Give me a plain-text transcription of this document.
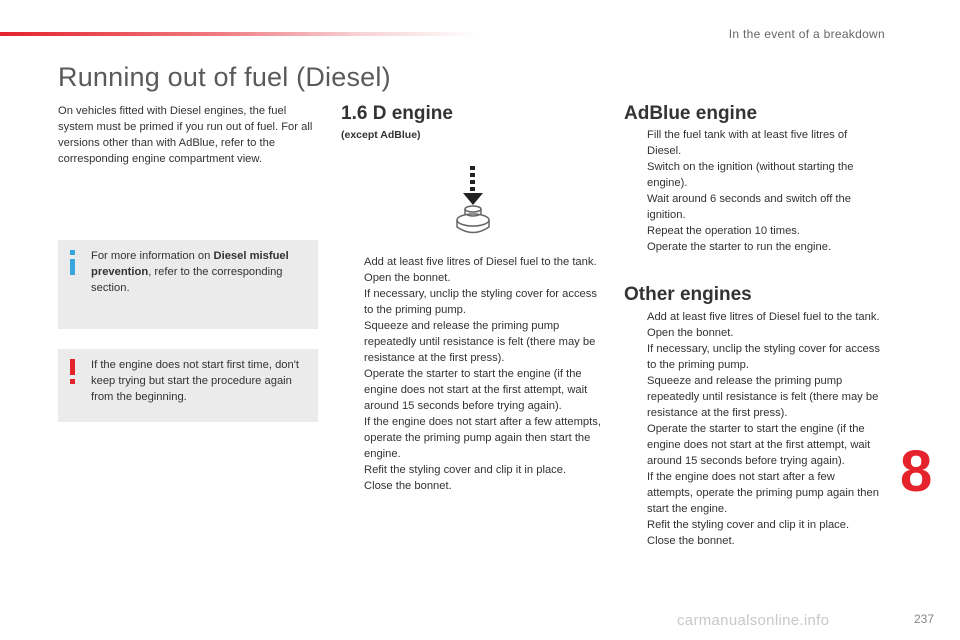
In the event of a breakdown
Running out of fuel (Diesel)
On vehicles fitted with Diesel engines, the fuel system must be primed if you run out of fuel. For all versions other than with AdBlue, refer to the corresponding engine compartment view.
For more information on Diesel misfuel prevention, refer to the corresponding section.
If the engine does not start first time, don't keep trying but start the procedure again from the beginning.
1.6 D engine
(except AdBlue)
Add at least five litres of Diesel fuel to the tank.
Open the bonnet.
If necessary, unclip the styling cover for access to the priming pump.
Squeeze and release the priming pump repeatedly until resistance is felt (there may be resistance at the first press).
Operate the starter to start the engine (if the engine does not start at the first attempt, wait around 15 seconds before trying again).
If the engine does not start after a few attempts, operate the priming pump again then start the engine.
Refit the styling cover and clip it in place.
Close the bonnet.
AdBlue engine
Fill the fuel tank with at least five litres of Diesel.
Switch on the ignition (without starting the engine).
Wait around 6 seconds and switch off the ignition.
Repeat the operation 10 times.
Operate the starter to run the engine.
Other engines
Add at least five litres of Diesel fuel to the tank.
Open the bonnet.
If necessary, unclip the styling cover for access to the priming pump.
Squeeze and release the priming pump repeatedly until resistance is felt (there may be resistance at the first press).
Operate the starter to start the engine (if the engine does not start at the first attempt, wait around 15 seconds before trying again).
If the engine does not start after a few attempts, operate the priming pump again then start the engine.
Refit the styling cover and clip it in place.
Close the bonnet.
8
carmanualsonline.info	237
